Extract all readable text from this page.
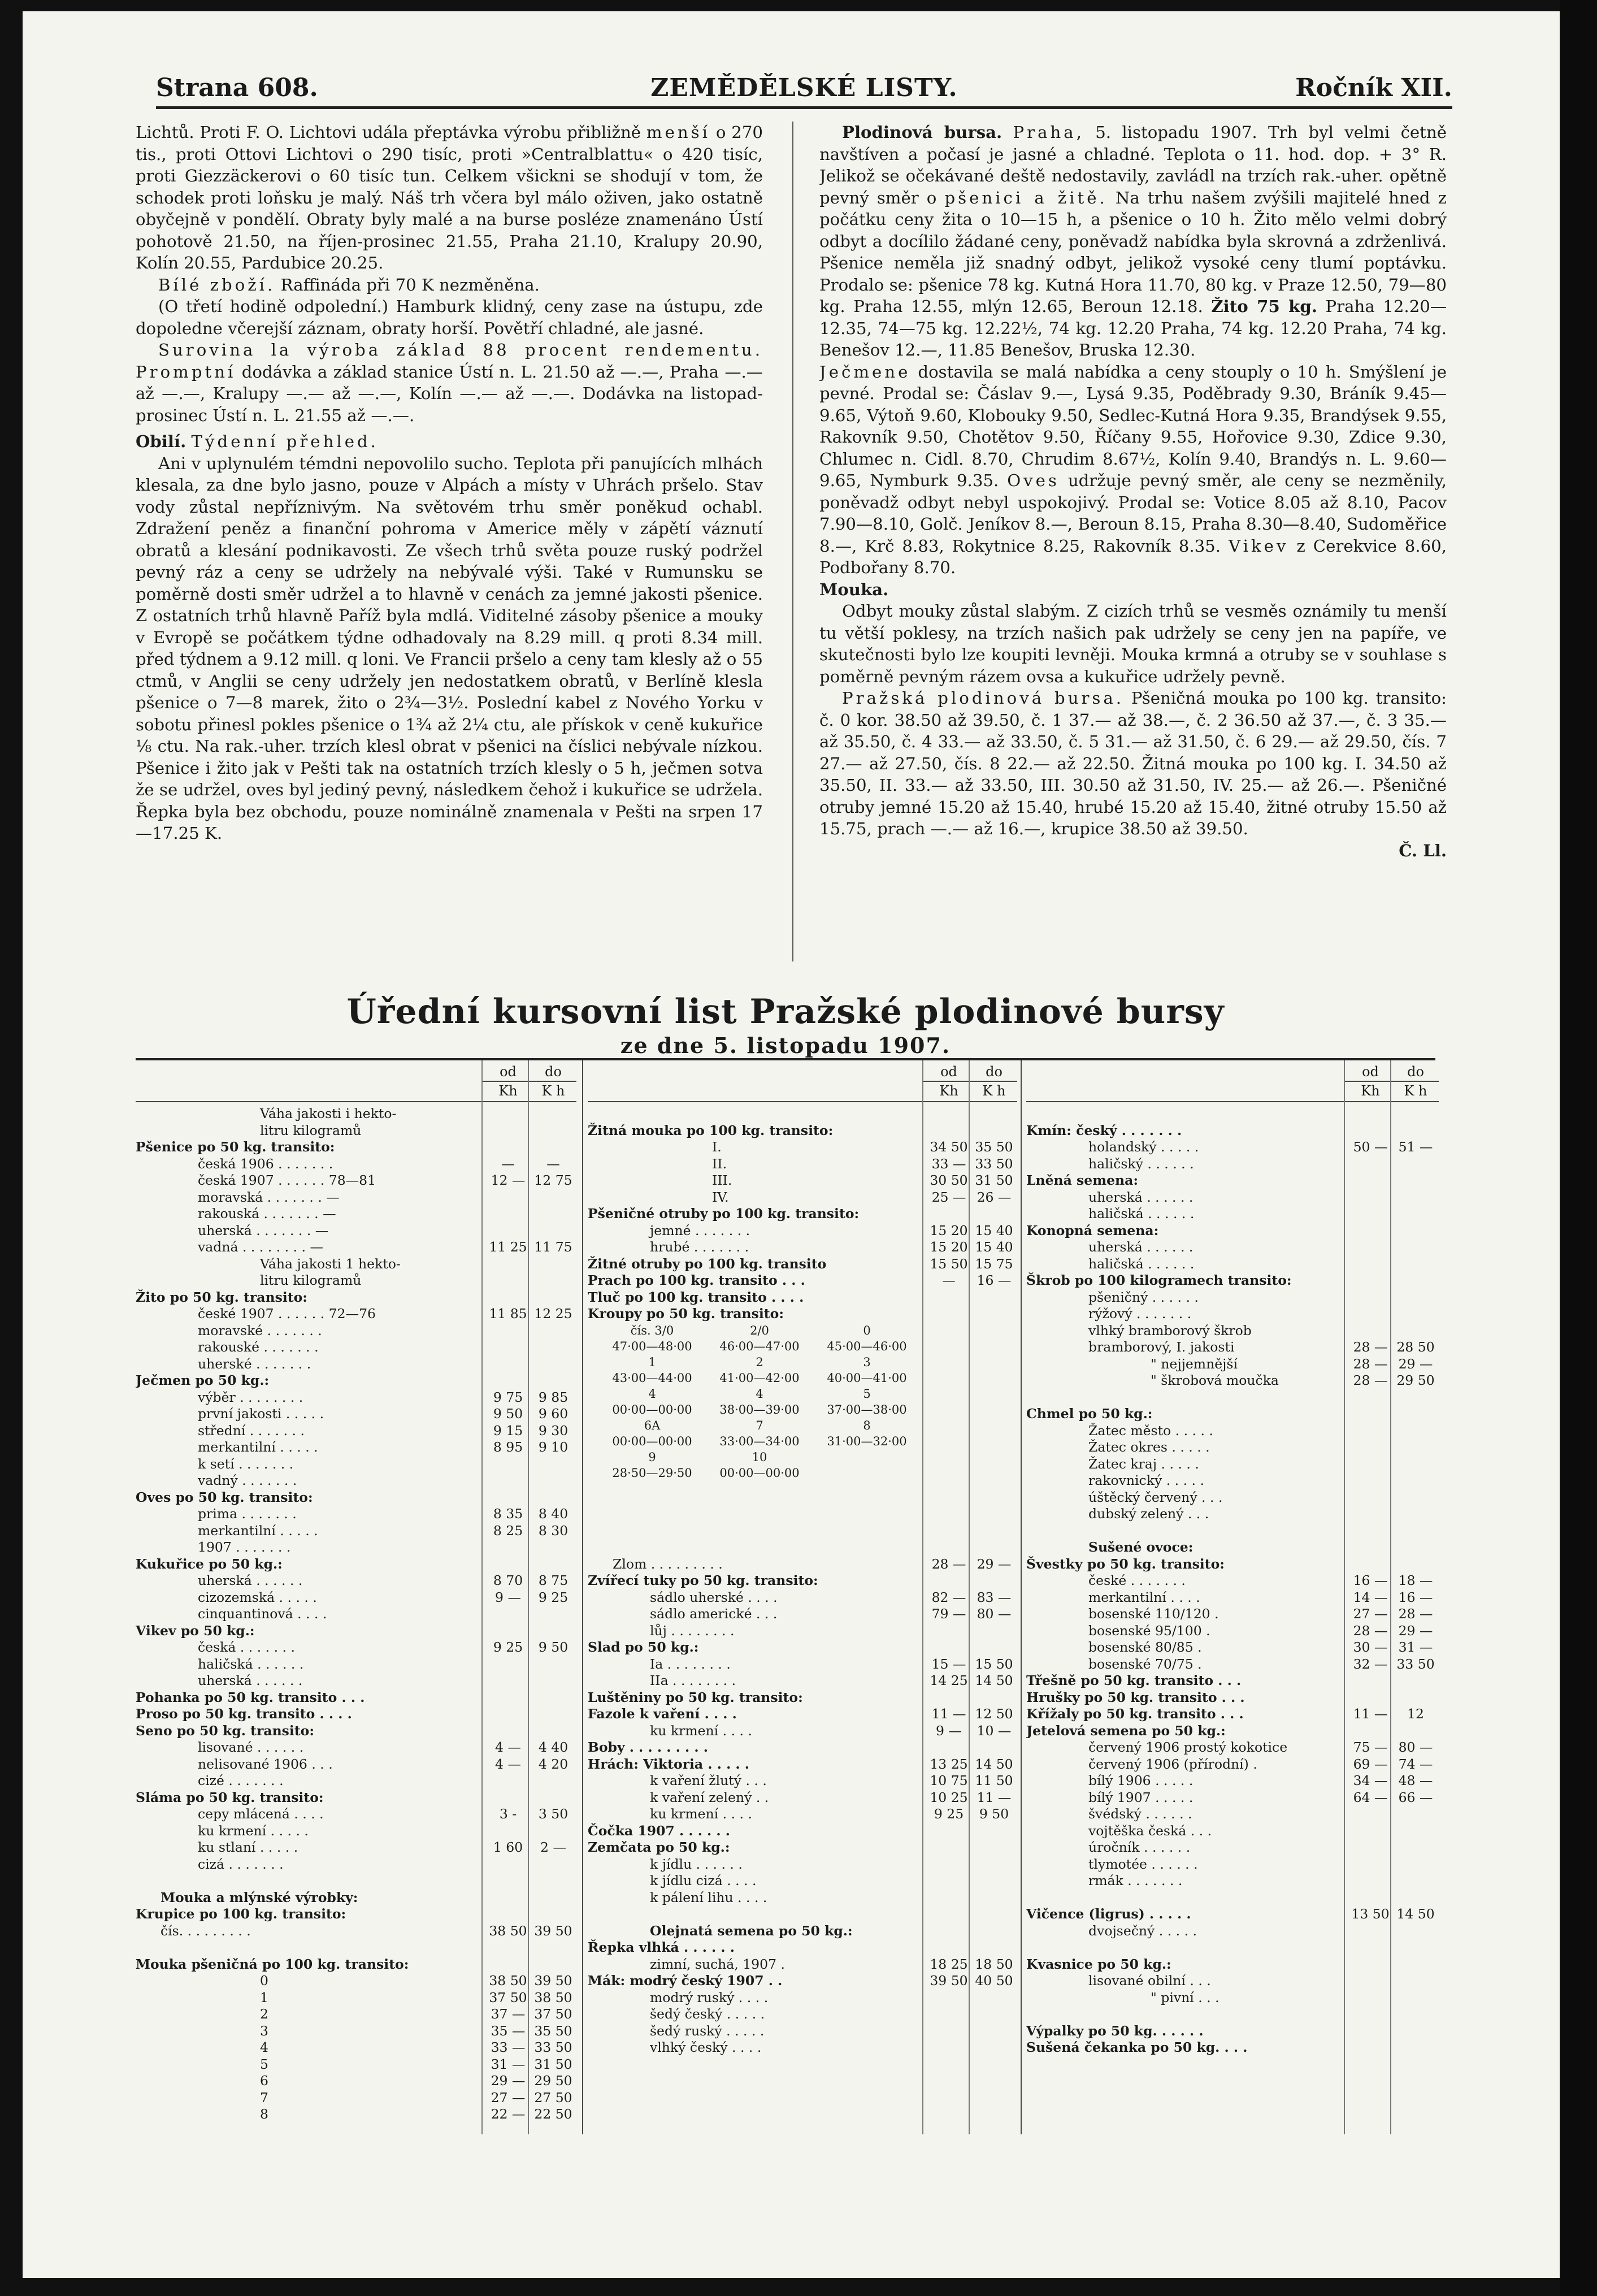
Strana 608.	ZEMĚDĚLSKÉ LISTY.	Ročník XII.

Lichtů. Proti F. O. Lichtovi udála přeptávka výrobu přibližně menší o 270 tis., proti Ottovi Lichtovi o 290 tisíc, proti »Centralblattu« o 420 tisíc, proti Giezzäckerovi o 60 tisíc tun. Celkem všickni se shodují v tom, že schodek proti loňsku je malý. Náš trh včera byl málo oživen, jako ostatně obyčejně v pondělí. Obraty byly malé a na burse posléze znamenáno Ústí pohotově 21.50, na říjen-prosinec 21.55, Praha 21.10, Kralupy 20.90, Kolín 20.55, Pardubice 20.25.

Bílé zboží. Raffináda při 70 K nezměněna.

(O třetí hodině odpolední.) Hamburk klidný, ceny zase na ústupu, zde dopoledne včerejší záznam, obraty horší. Povětří chladné, ale jasné.

Surovina la výroba základ 88 procent rendementu. Promptní dodávka a základ stanice Ústí n. L. 21.50 až —.—, Praha —.— až —.—, Kralupy —.— až —.—, Kolín —.— až —.—. Dodávka na listopad-prosinec Ústí n. L. 21.55 až —.—.

Obilí. Týdenní přehled.

Ani v uplynulém témdni nepovolilo sucho. Teplota při panujících mlhách klesala, za dne bylo jasno, pouze v Alpách a místy v Uhrách pršelo. Stav vody zůstal nepříznivým. Na světovém trhu směr poněkud ochabl. Zdražení peněz a finanční pohroma v Americe měly v zápětí váznutí obratů a klesání podnikavosti. Ze všech trhů světa pouze ruský podržel pevný ráz a ceny se udržely na nebývalé výši. Také v Rumunsku se poměrně dosti směr udržel a to hlavně v cenách za jemné jakosti pšenice. Z ostatních trhů hlavně Paříž byla mdlá. Viditelné zásoby pšenice a mouky v Evropě se počátkem týdne odhadovaly na 8.29 mill. q proti 8.34 mill. před týdnem a 9.12 mill. q loni. Ve Francii pršelo a ceny tam klesly až o 55 ctmů, v Anglii se ceny udržely jen nedostatkem obratů, v Berlíně klesla pšenice o 7—8 marek, žito o 2¾—3½. Poslední kabel z Nového Yorku v sobotu přinesl pokles pšenice o 1¾ až 2¼ ctu, ale přískok v ceně kukuřice ⅛ ctu. Na rak.-uher. trzích klesl obrat v pšenici na číslici nebývale nízkou. Pšenice i žito jak v Pešti tak na ostatních trzích klesly o 5 h, ječmen sotva že se udržel, oves byl jediný pevný, následkem čehož i kukuřice se udržela. Řepka byla bez obchodu, pouze nominálně znamenala v Pešti na srpen 17—17.25 K.

Plodinová bursa. Praha, 5. listopadu 1907. Trh byl velmi četně navštíven a počasí je jasné a chladné. Teplota o 11. hod. dop. + 3° R. Jelikož se očekávané deště nedostavily, zavládl na trzích rak.-uher. opětně pevný směr o pšenici a žitě. Na trhu našem zvýšili majitelé hned z počátku ceny žita o 10—15 h, a pšenice o 10 h. Žito mělo velmi dobrý odbyt a docílilo žádané ceny, poněvadž nabídka byla skrovná a zdrženlivá. Pšenice neměla již snadný odbyt, jelikož vysoké ceny tlumí poptávku. Prodalo se: pšenice 78 kg. Kutná Hora 11.70, 80 kg. v Praze 12.50, 79—80 kg. Praha 12.55, mlýn 12.65, Beroun 12.18. Žito 75 kg. Praha 12.20—12.35, 74—75 kg. 12.22½, 74 kg. 12.20 Praha, 74 kg. 12.20 Praha, 74 kg. Benešov 12.—, 11.85 Benešov, Bruska 12.30.

Ječmene dostavila se malá nabídka a ceny stouply o 10 h. Smýšlení je pevné. Prodal se: Čáslav 9.—, Lysá 9.35, Poděbrady 9.30, Bráník 9.45—9.65, Výtoň 9.60, Klobouky 9.50, Sedlec-Kutná Hora 9.35, Brandýsek 9.55, Rakovník 9.50, Chotětov 9.50, Říčany 9.55, Hořovice 9.30, Zdice 9.30, Chlumec n. Cidl. 8.70, Chrudim 8.67½, Kolín 9.40, Brandýs n. L. 9.60—9.65, Nymburk 9.35. Oves udržuje pevný směr, ale ceny se nezměnily, poněvadž odbyt nebyl uspokojivý. Prodal se: Votice 8.05 až 8.10, Pacov 7.90—8.10, Golč. Jeníkov 8.—, Beroun 8.15, Praha 8.30—8.40, Sudoměřice 8.—, Krč 8.83, Rokytnice 8.25, Rakovník 8.35. Vikev z Cerekvice 8.60, Podbořany 8.70.

Mouka.

Odbyt mouky zůstal slabým. Z cizích trhů se vesměs oznámily tu menší tu větší poklesy, na trzích našich pak udržely se ceny jen na papíře, ve skutečnosti bylo lze koupiti levněji. Mouka krmná a otruby se v souhlase s poměrně pevným rázem ovsa a kukuřice udržely pevně.

Pražská plodinová bursa. Pšeničná mouka po 100 kg. transito: č. 0 kor. 38.50 až 39.50, č. 1 37.— až 38.—, č. 2 36.50 až 37.—, č. 3 35.— až 35.50, č. 4 33.— až 33.50, č. 5 31.— až 31.50, č. 6 29.— až 29.50, čís. 7 27.— až 27.50, čís. 8 22.— až 22.50. Žitná mouka po 100 kg. I. 34.50 až 35.50, II. 33.— až 33.50, III. 30.50 až 31.50, IV. 25.— až 26.—. Pšeničné otruby jemné 15.20 až 15.40, hrubé 15.20 až 15.40, žitné otruby 15.50 až 15.75, prach —.— až 16.—, krupice 38.50 až 39.50.

Č. Ll.

Úřední kursovní list Pražské plodinové bursy
ze dne 5. listopadu 1907.
od	do
Kh	K h
Váha jakosti i hekto-
litru kilogramů
Pšenice po 50 kg. transito:
česká 1906 . . . . . . .	—	—
česká 1907 . . . . . . 78—81	12 — 12 75
moravská . . . . . . . —
rakouská . . . . . . . —
uherská . . . . . . . —
vadná . . . . . . . . —	11 25 11 75
Váha jakosti 1 hekto-
litru kilogramů
Žito po 50 kg. transito:
české 1907 . . . . . . 72—76	11 85 12 25
moravské . . . . . . .
rakouské . . . . . . .
uherské . . . . . . .
Ječmen po 50 kg.:
výběr . . . . . . . .	9 75	9 85
první jakosti . . . . .	9 50	9 60
střední . . . . . . .	9 15	9 30
merkantilní . . . . .	8 95	9 10
k setí . . . . . . .
vadný . . . . . . .
Oves po 50 kg. transito:
prima . . . . . . .	8 35	8 40
merkantilní . . . . .	8 25	8 30
1907 . . . . . . .
Kukuřice po 50 kg.:
uherská . . . . . .	8 70	8 75
cizozemská . . . . .	9 —	9 25
cinquantinová . . . .
Vikev po 50 kg.:
česká . . . . . . .	9 25	9 50
haličská . . . . . .
uherská . . . . . .
Pohanka po 50 kg. transito . . .
Proso po 50 kg. transito . . . .
Seno po 50 kg. transito:
lisované . . . . . .	4 —	4 40
nelisované 1906 . . .	4 —	4 20
cizé . . . . . . .
Sláma po 50 kg. transito:
cepy mlácená . . . .	3 -	3 50
ku krmení . . . . .
ku stlaní . . . . .	1 60	2 —
cizá . . . . . . .
Mouka a mlýnské výrobky:
Krupice po 100 kg. transito:
čís. . . . . . . . .	38 50 39 50
Mouka pšeničná po 100 kg. transito:
0	38 50 39 50
1	37 50 38 50
2	37 — 37 50
3	35 — 35 50
4	33 — 33 50
5	31 — 31 50
6	29 — 29 50
7	27 — 27 50
8	22 — 22 50
od	do
Kh	K h
Žitná mouka po 100 kg. transito:
I.	34 50 35 50
II.	33 — 33 50
III.	30 50 31 50
IV.	25 — 26 —
Pšeničné otruby po 100 kg. transito:
jemné . . . . . . .	15 20 15 40
hrubé . . . . . . .	15 20 15 40
Žitné otruby po 100 kg. transito	15 50 15 75
Prach po 100 kg. transito . . .	—	16 —
Tluč po 100 kg. transito . . . .
Kroupy po 50 kg. transito:
čís. 3/0	2/0	0
47·00—48·00	46·00—47·00	45·00—46·00
1	2	3
43·00—44·00	41·00—42·00	40·00—41·00
4	4	5
00·00—00·00	38·00—39·00	37·00—38·00
6A	7	8
00·00—00·00	33·00—34·00	31·00—32·00
9	10
28·50—29·50	00·00—00·00
Zlom . . . . . . . . .	28 — 29 —
Zvířecí tuky po 50 kg. transito:
sádlo uherské . . . .	82 — 83 —
sádlo americké . . .	79 — 80 —
lůj . . . . . . . .
Slad po 50 kg.:
Ia . . . . . . . .	15 — 15 50
IIa . . . . . . . .	14 25 14 50
Luštěniny po 50 kg. transito:
Fazole k vaření . . . .	11 — 12 50
ku krmení . . . .	9 —	10 —
Boby . . . . . . . . .
Hrách: Viktoria . . . . .	13 25 14 50
k vaření žlutý . . .	10 75 11 50
k vaření zelený . .	10 25 11 —
ku krmení . . . .	9 25	9 50
Čočka 1907 . . . . . .
Zemčata po 50 kg.:
k jídlu . . . . . .
k jídlu cizá . . . .
k pálení lihu . . . .
Olejnatá semena po 50 kg.:
Řepka vlhká . . . . . .
zimní, suchá, 1907 .	18 25 18 50
Mák: modrý český 1907 . .	39 50 40 50
modrý ruský . . . .
šedý český . . . . .
šedý ruský . . . . .
vlhký český . . . .
od	do
Kh	K h
Kmín: český . . . . . . .
holandský . . . . .	50 — 51 —
haličský . . . . . .
Lněná semena:
uherská . . . . . .
haličská . . . . . .
Konopná semena:
uherská . . . . . .
haličská . . . . . .
Škrob po 100 kilogramech transito:
pšeničný . . . . . .
rýžový . . . . . . .
vlhký bramborový škrob
bramborový, I. jakosti	28 — 28 50
" nejjemnější	28 — 29 —
" škrobová moučka	28 — 29 50
Chmel po 50 kg.:
Žatec město . . . . .
Žatec okres . . . . .
Žatec kraj . . . . .
rakovnický . . . . .
úštěcký červený . . .
dubský zelený . . .
Sušené ovoce:
Švestky po 50 kg. transito:
české . . . . . . .	16 — 18 —
merkantilní . . . .	14 — 16 —
bosenské 110/120 .	27 — 28 —
bosenské 95/100 .	28 — 29 —
bosenské 80/85 .	30 — 31 —
bosenské 70/75 .	32 — 33 50
Třešně po 50 kg. transito . . .
Hrušky po 50 kg. transito . . .
Křížaly po 50 kg. transito . . .	11 —	12
Jetelová semena po 50 kg.:
červený 1906 prostý kokotice	75 — 80 —
červený 1906 (přírodní) .	69 — 74 —
bílý 1906 . . . . .	34 — 48 —
bílý 1907 . . . . .	64 — 66 —
švédský . . . . . .
vojtěška česká . . .
úročník . . . . . .
tlymotée . . . . . .
rmák . . . . . . .
Vičence (ligrus) . . . . .	13 50 14 50
dvojsečný . . . . .
Kvasnice po 50 kg.:
lisované obilní . . .
" pivní . . .
Výpalky po 50 kg. . . . . .
Sušená čekanka po 50 kg. . . .
